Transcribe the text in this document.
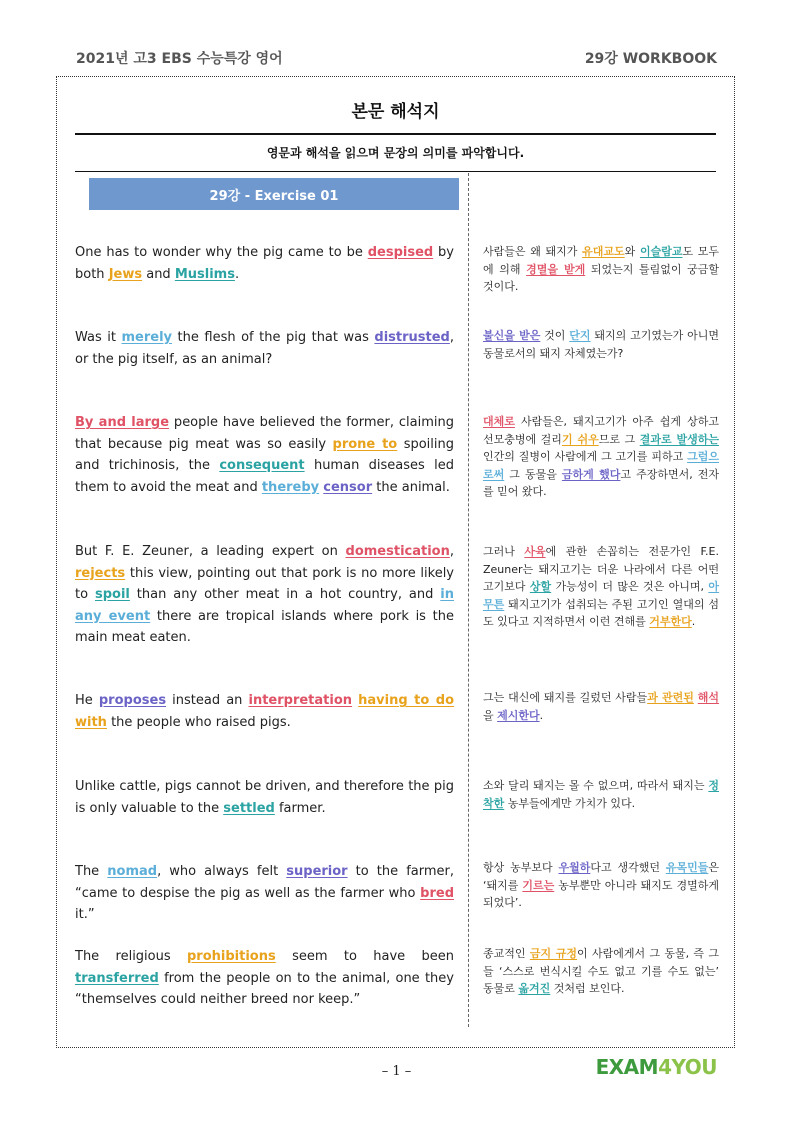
2021년 고3 EBS 수능특강 영어	29강 WORKBOOK
본문 해석지
영문과 해석을 읽으며 문장의 의미를 파악합니다.
29강 - Exercise 01
One has to wonder why the pig came to be despised by both Jews and Muslims.
Was it merely the flesh of the pig that was distrusted, or the pig itself, as an animal?
By and large people have believed the former, claiming that because pig meat was so easily prone to spoiling and trichinosis, the consequent human diseases led them to avoid the meat and thereby censor the animal.
But F. E. Zeuner, a leading expert on domestication, rejects this view, pointing out that pork is no more likely to spoil than any other meat in a hot country, and in any event there are tropical islands where pork is the main meat eaten.
He proposes instead an interpretation having to do with the people who raised pigs.
Unlike cattle, pigs cannot be driven, and therefore the pig is only valuable to the settled farmer.
The nomad, who always felt superior to the farmer, “came to despise the pig as well as the farmer who bred it.”
The religious prohibitions seem to have been transferred from the people on to the animal, one they “themselves could neither breed nor keep.”
사람들은 왜 돼지가 유대교도와 이슬람교도 모두에 의해 경멸을 받게 되었는지 틀림없이 궁금할 것이다.
불신을 받은 것이 단지 돼지의 고기였는가 아니면 동물로서의 돼지 자체였는가?
대체로 사람들은, 돼지고기가 아주 쉽게 상하고 선모충병에 걸리기 쉬우므로 그 결과로 발생하는 인간의 질병이 사람에게 그 고기를 피하고 그럼으로써 그 동물을 금하게 했다고 주장하면서, 전자를 믿어 왔다.
그러나 사육에 관한 손꼽히는 전문가인 F.E. Zeuner는 돼지고기는 더운 나라에서 다른 어떤 고기보다 상할 가능성이 더 많은 것은 아니며, 아무튼 돼지고기가 섭취되는 주된 고기인 열대의 섬도 있다고 지적하면서 이런 견해를 거부한다.
그는 대신에 돼지를 길렀던 사람들과 관련된 해석을 제시한다.
소와 달리 돼지는 몰 수 없으며, 따라서 돼지는 정착한 농부들에게만 가치가 있다.
항상 농부보다 우월하다고 생각했던 유목민들은 ‘돼지를 기르는 농부뿐만 아니라 돼지도 경멸하게 되었다’.
종교적인 금지 규정이 사람에게서 그 동물, 즉 그들 ‘스스로 번식시킬 수도 없고 기를 수도 없는’ 동물로 옮겨진 것처럼 보인다.
– 1 –	EXAM4YOU
